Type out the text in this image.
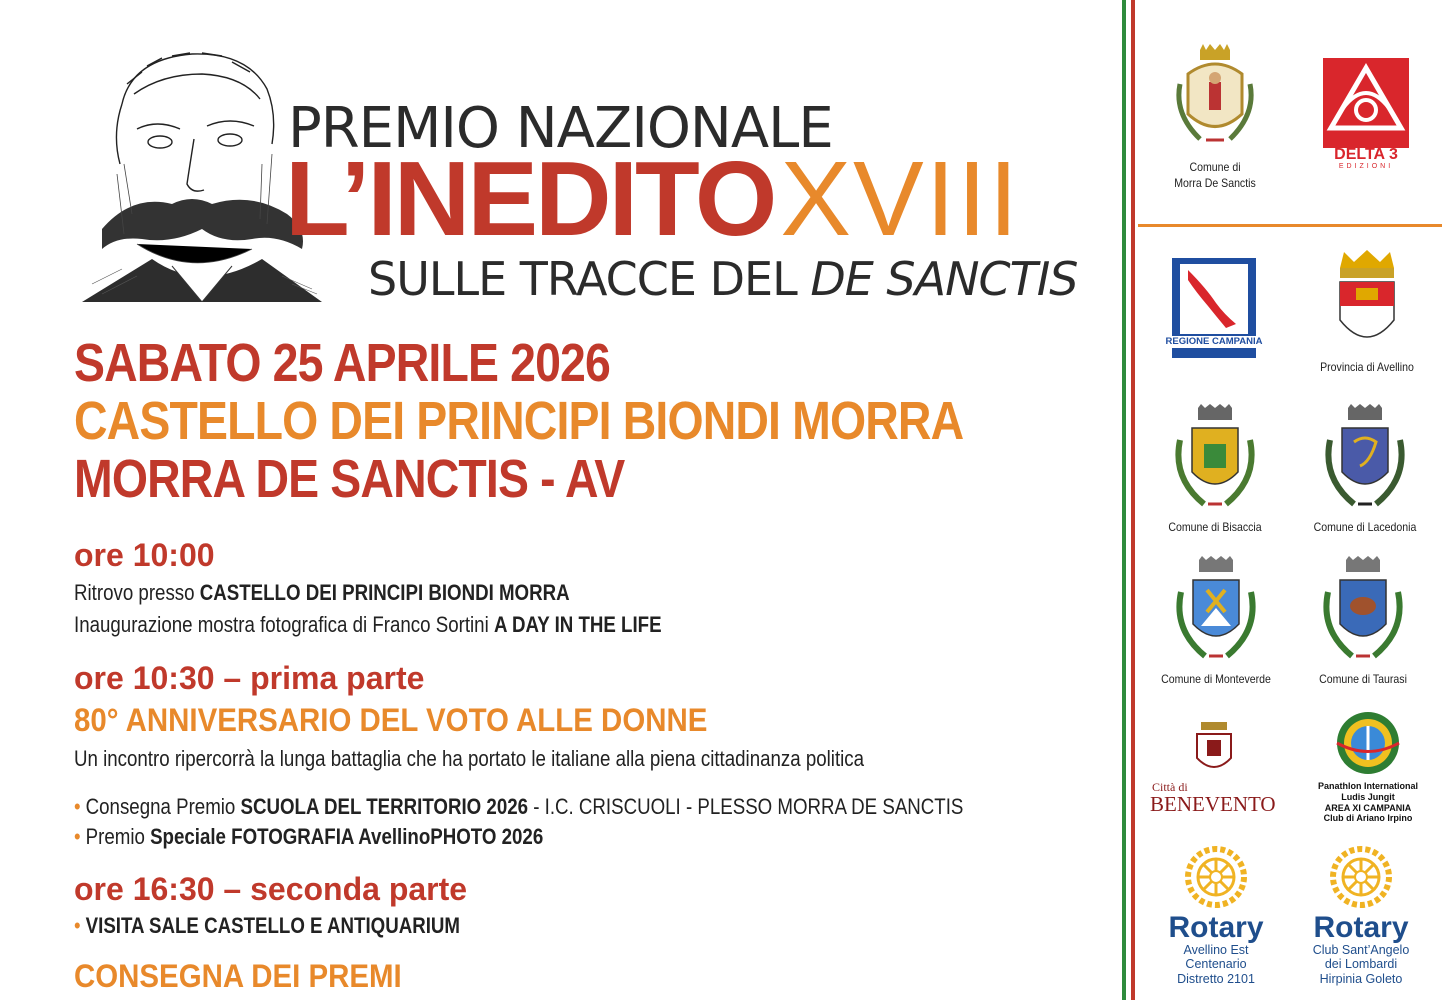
PREMIO NAZIONALE
L’INEDITOXVIII
SULLE TRACCE DEL DE SANCTIS
SABATO 25 APRILE 2026
CASTELLO DEI PRINCIPI BIONDI MORRA
MORRA DE SANCTIS - AV
ore 10:00
Ritrovo presso CASTELLO DEI PRINCIPI BIONDI MORRA
Inaugurazione mostra fotografica di Franco Sortini A DAY IN THE LIFE
ore 10:30 – prima parte
80° ANNIVERSARIO DEL VOTO ALLE DONNE
Un incontro ripercorrà la lunga battaglia che ha portato le italiane alla piena cittadinanza politica
• Consegna Premio SCUOLA DEL TERRITORIO 2026 - I.C. CRISCUOLI - PLESSO MORRA DE SANCTIS
• Premio Speciale FOTOGRAFIA AvellinoPHOTO 2026
ore 16:30 – seconda parte
• VISITA SALE CASTELLO E ANTIQUARIUM
CONSEGNA DEI PREMI
Comune di
Morra De Sanctis
DELTA 3
EDIZIONI
REGIONE CAMPANIA
Provincia di Avellino
Comune di Bisaccia	Comune di Lacedonia
Comune di Monteverde	Comune di Taurasi
Città di
BENEVENTO
Panathlon International
Ludis Jungit
AREA XI CAMPANIA
Club di Ariano Irpino
Rotary
Avellino Est
Centenario
Distretto 2101
Rotary
Club Sant’Angelo
dei Lombardi
Hirpinia Goleto
